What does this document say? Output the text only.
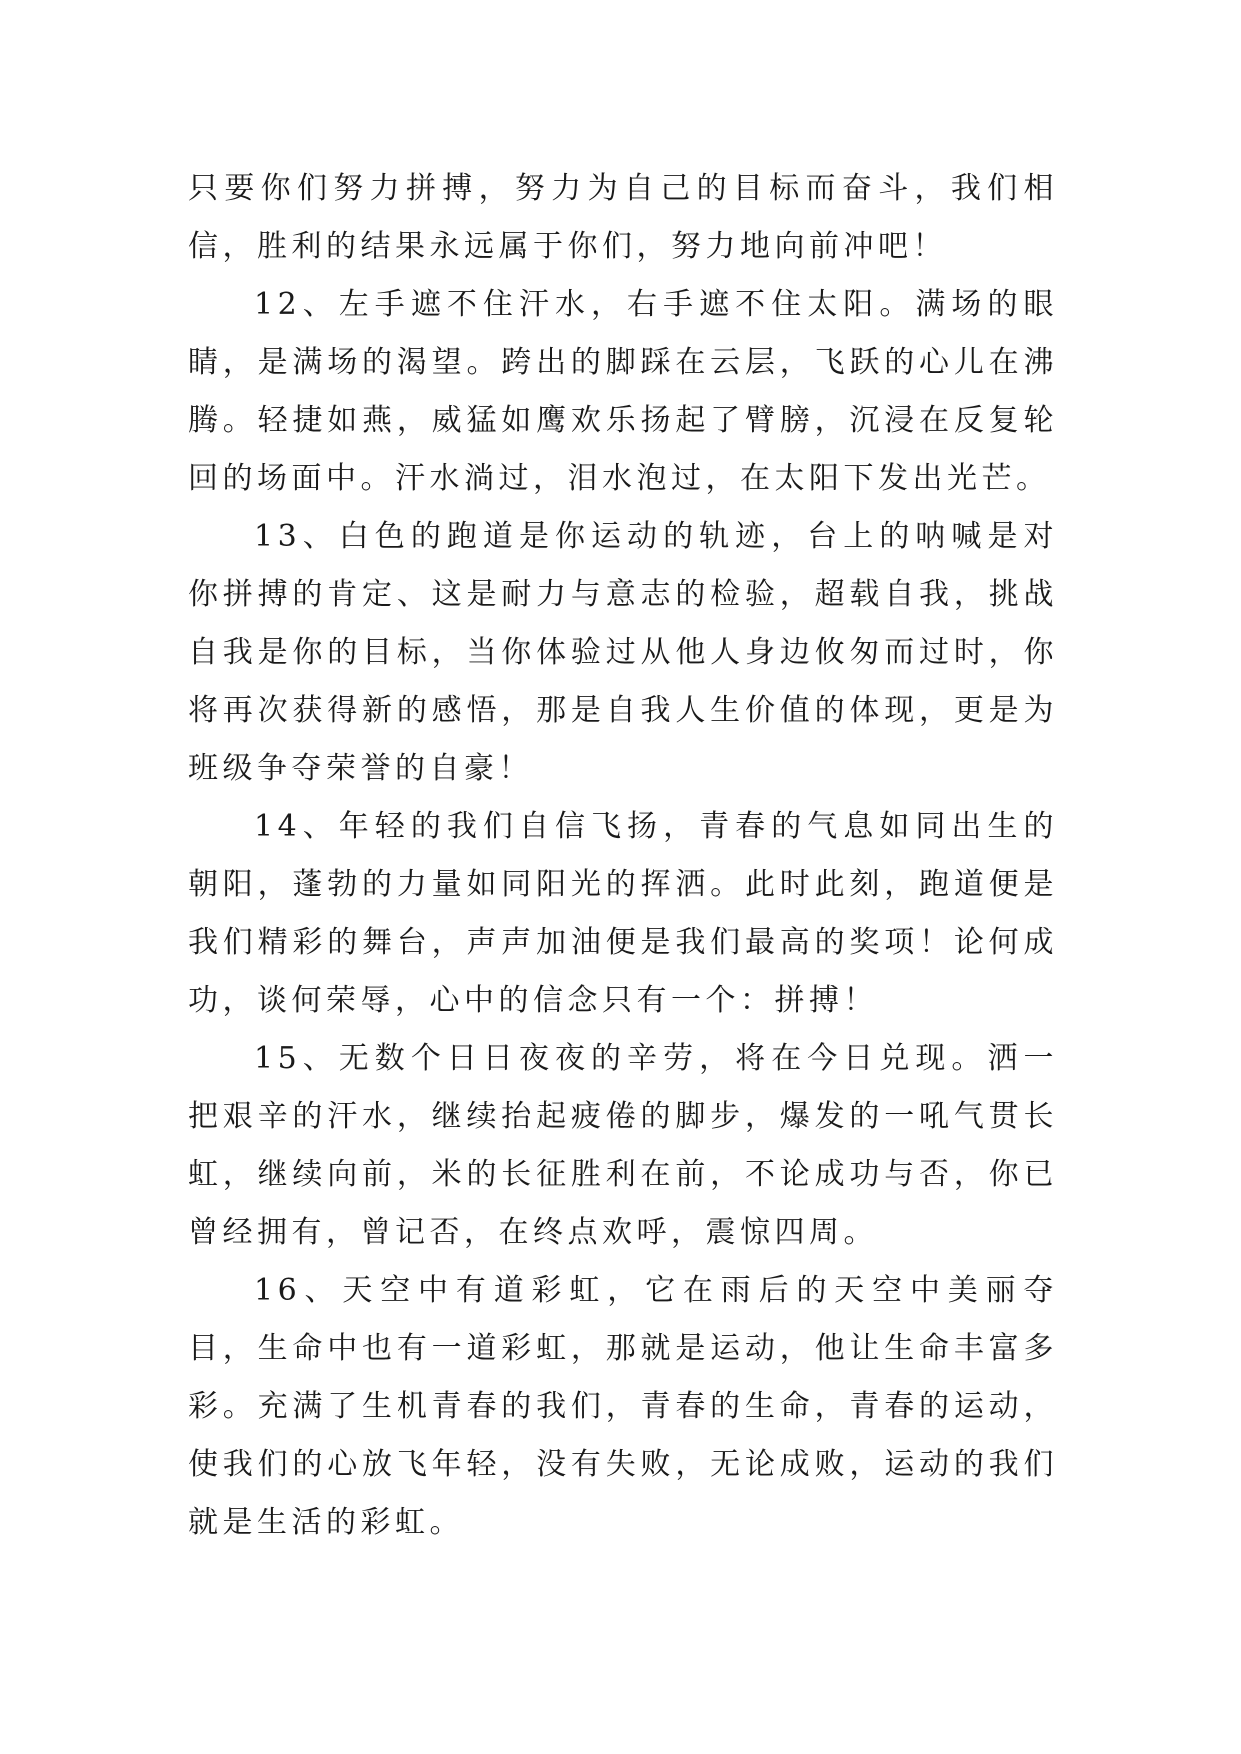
只要你们努力拼搏，努力为自己的目标而奋斗，我们相信，胜利的结果永远属于你们，努力地向前冲吧！

12、左手遮不住汗水，右手遮不住太阳。满场的眼睛，是满场的渴望。跨出的脚踩在云层，飞跃的心儿在沸腾。轻捷如燕，威猛如鹰欢乐扬起了臂膀，沉浸在反复轮回的场面中。汗水淌过，泪水泡过，在太阳下发出光芒。

13、白色的跑道是你运动的轨迹，台上的呐喊是对你拼搏的肯定、这是耐力与意志的检验，超载自我，挑战自我是你的目标，当你体验过从他人身边攸匆而过时，你将再次获得新的感悟，那是自我人生价值的体现，更是为班级争夺荣誉的自豪！

14、年轻的我们自信飞扬，青春的气息如同出生的朝阳，蓬勃的力量如同阳光的挥洒。此时此刻，跑道便是我们精彩的舞台，声声加油便是我们最高的奖项！论何成功，谈何荣辱，心中的信念只有一个：拼搏！

15、无数个日日夜夜的辛劳，将在今日兑现。洒一把艰辛的汗水，继续抬起疲倦的脚步，爆发的一吼气贯长虹，继续向前，米的长征胜利在前，不论成功与否，你已曾经拥有，曾记否，在终点欢呼，震惊四周。

16、天空中有道彩虹，它在雨后的天空中美丽夺目，生命中也有一道彩虹，那就是运动，他让生命丰富多彩。充满了生机青春的我们，青春的生命，青春的运动，使我们的心放飞年轻，没有失败，无论成败，运动的我们就是生活的彩虹。
